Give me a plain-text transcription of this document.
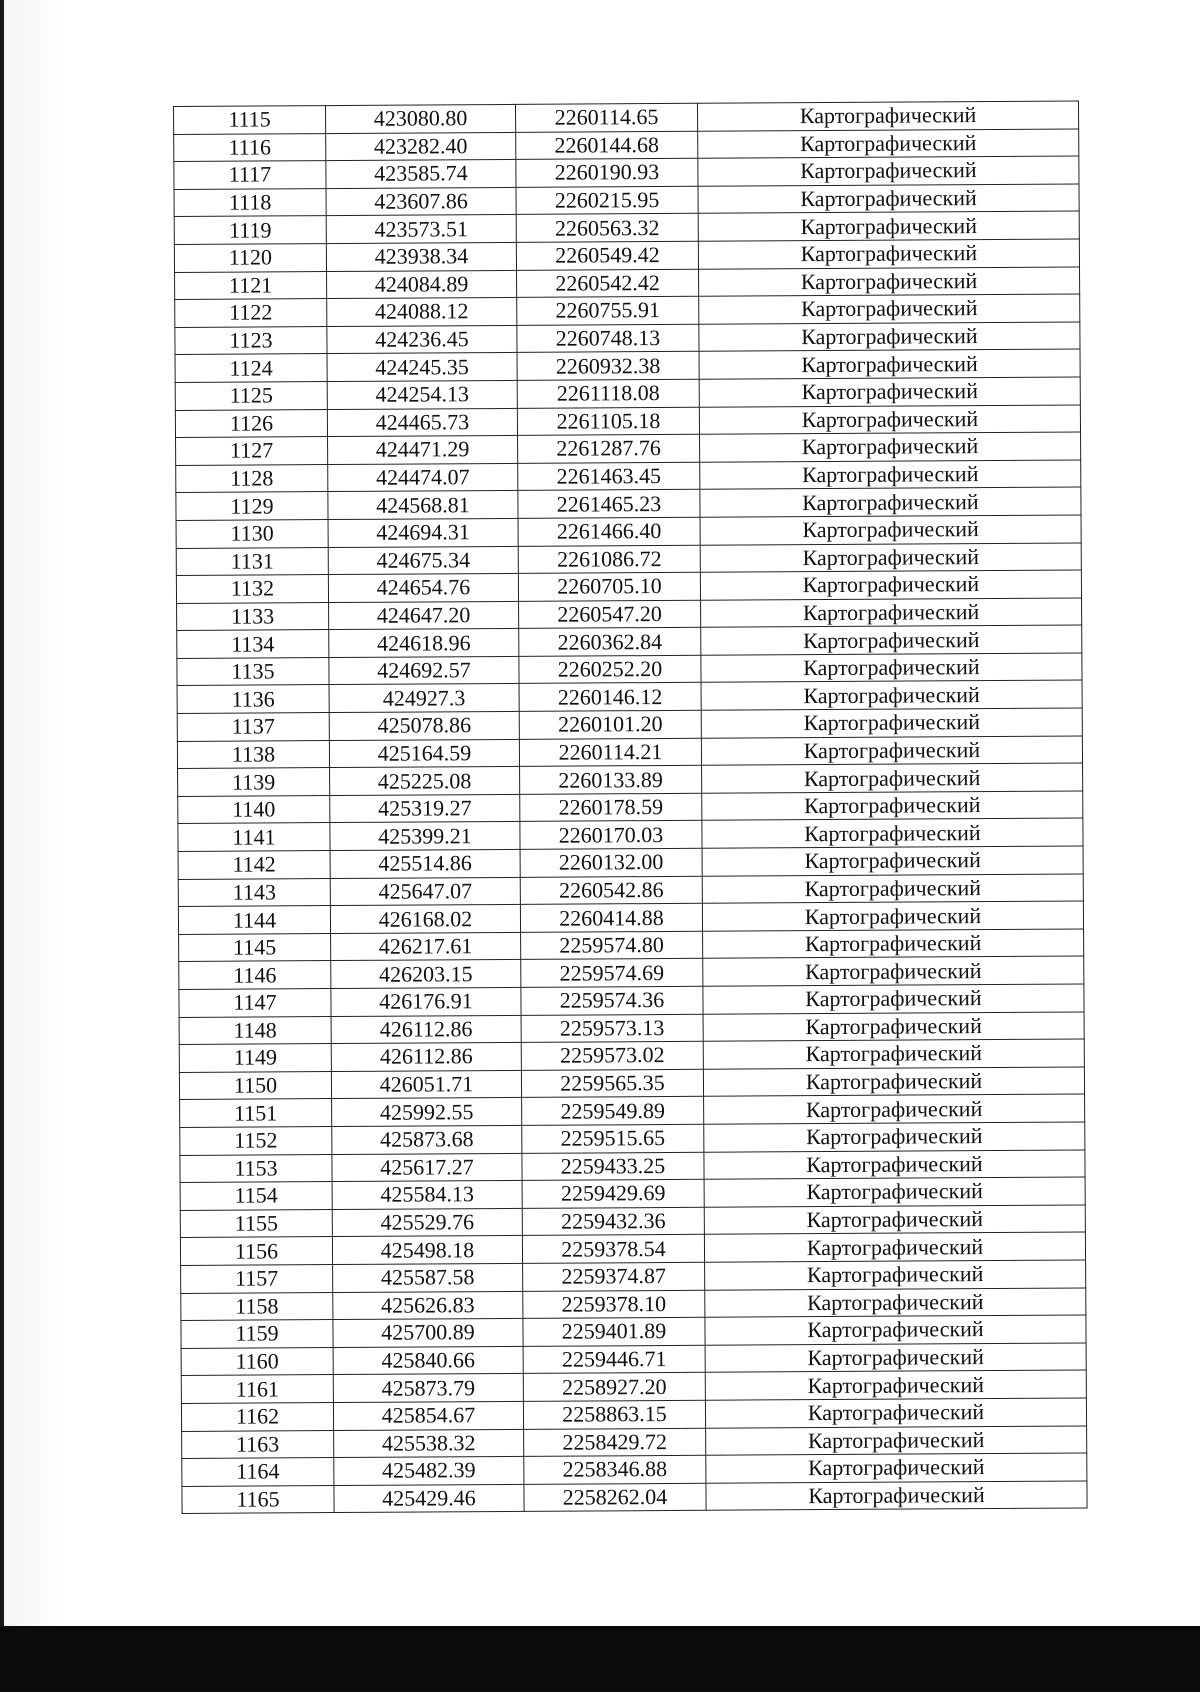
1115	423080.80	2260114.65	Картографический
1116	423282.40	2260144.68	Картографический
1117	423585.74	2260190.93	Картографический
1118	423607.86	2260215.95	Картографический
1119	423573.51	2260563.32	Картографический
1120	423938.34	2260549.42	Картографический
1121	424084.89	2260542.42	Картографический
1122	424088.12	2260755.91	Картографический
1123	424236.45	2260748.13	Картографический
1124	424245.35	2260932.38	Картографический
1125	424254.13	2261118.08	Картографический
1126	424465.73	2261105.18	Картографический
1127	424471.29	2261287.76	Картографический
1128	424474.07	2261463.45	Картографический
1129	424568.81	2261465.23	Картографический
1130	424694.31	2261466.40	Картографический
1131	424675.34	2261086.72	Картографический
1132	424654.76	2260705.10	Картографический
1133	424647.20	2260547.20	Картографический
1134	424618.96	2260362.84	Картографический
1135	424692.57	2260252.20	Картографический
1136	424927.3	2260146.12	Картографический
1137	425078.86	2260101.20	Картографический
1138	425164.59	2260114.21	Картографический
1139	425225.08	2260133.89	Картографический
1140	425319.27	2260178.59	Картографический
1141	425399.21	2260170.03	Картографический
1142	425514.86	2260132.00	Картографический
1143	425647.07	2260542.86	Картографический
1144	426168.02	2260414.88	Картографический
1145	426217.61	2259574.80	Картографический
1146	426203.15	2259574.69	Картографический
1147	426176.91	2259574.36	Картографический
1148	426112.86	2259573.13	Картографический
1149	426112.86	2259573.02	Картографический
1150	426051.71	2259565.35	Картографический
1151	425992.55	2259549.89	Картографический
1152	425873.68	2259515.65	Картографический
1153	425617.27	2259433.25	Картографический
1154	425584.13	2259429.69	Картографический
1155	425529.76	2259432.36	Картографический
1156	425498.18	2259378.54	Картографический
1157	425587.58	2259374.87	Картографический
1158	425626.83	2259378.10	Картографический
1159	425700.89	2259401.89	Картографический
1160	425840.66	2259446.71	Картографический
1161	425873.79	2258927.20	Картографический
1162	425854.67	2258863.15	Картографический
1163	425538.32	2258429.72	Картографический
1164	425482.39	2258346.88	Картографический
1165	425429.46	2258262.04	Картографический
